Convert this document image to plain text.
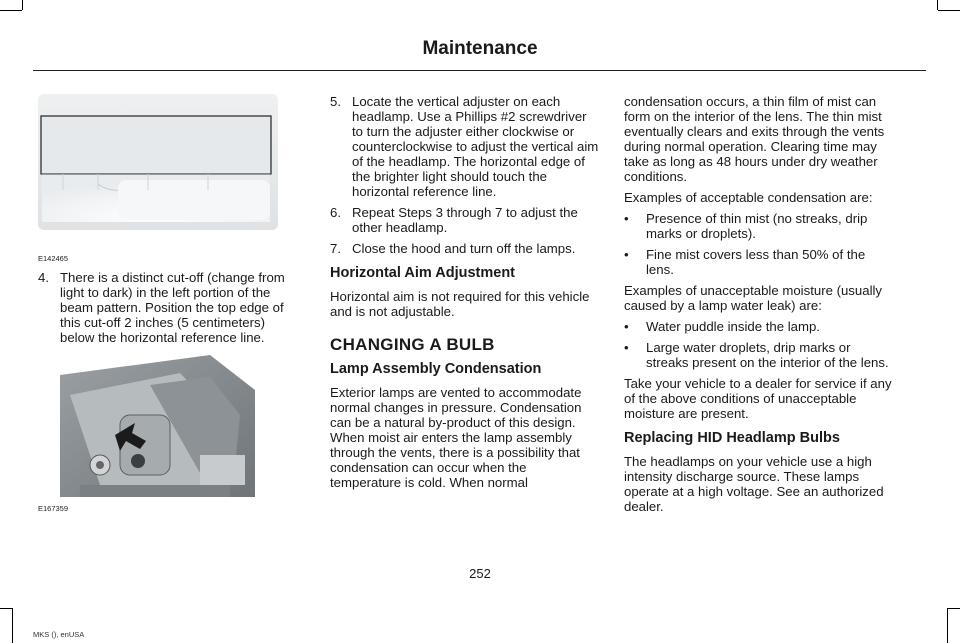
Maintenance
E142465

4. There is a distinct cut-off (change from light to dark) in the left portion of the beam pattern. Position the top edge of this cut-off 2 inches (5 centimeters) below the horizontal reference line.

E167359

5. Locate the vertical adjuster on each headlamp. Use a Phillips #2 screwdriver to turn the adjuster either clockwise or counterclockwise to adjust the vertical aim of the headlamp. The horizontal edge of the brighter light should touch the horizontal reference line.

6. Repeat Steps 3 through 7 to adjust the other headlamp.

7. Close the hood and turn off the lamps.

Horizontal Aim Adjustment

Horizontal aim is not required for this vehicle and is not adjustable.

CHANGING A BULB
Lamp Assembly Condensation

Exterior lamps are vented to accommodate normal changes in pressure. Condensation can be a natural by-product of this design. When moist air enters the lamp assembly through the vents, there is a possibility that condensation can occur when the temperature is cold. When normal

condensation occurs, a thin film of mist can form on the interior of the lens. The thin mist eventually clears and exits through the vents during normal operation. Clearing time may take as long as 48 hours under dry weather conditions.

Examples of acceptable condensation are:

• Presence of thin mist (no streaks, drip marks or droplets).

• Fine mist covers less than 50% of the lens.

Examples of unacceptable moisture (usually caused by a lamp water leak) are:

• Water puddle inside the lamp.

• Large water droplets, drip marks or streaks present on the interior of the lens.

Take your vehicle to a dealer for service if any of the above conditions of unacceptable moisture are present.

Replacing HID Headlamp Bulbs

The headlamps on your vehicle use a high intensity discharge source. These lamps operate at a high voltage. See an authorized dealer.

252
MKS (), enUSA
